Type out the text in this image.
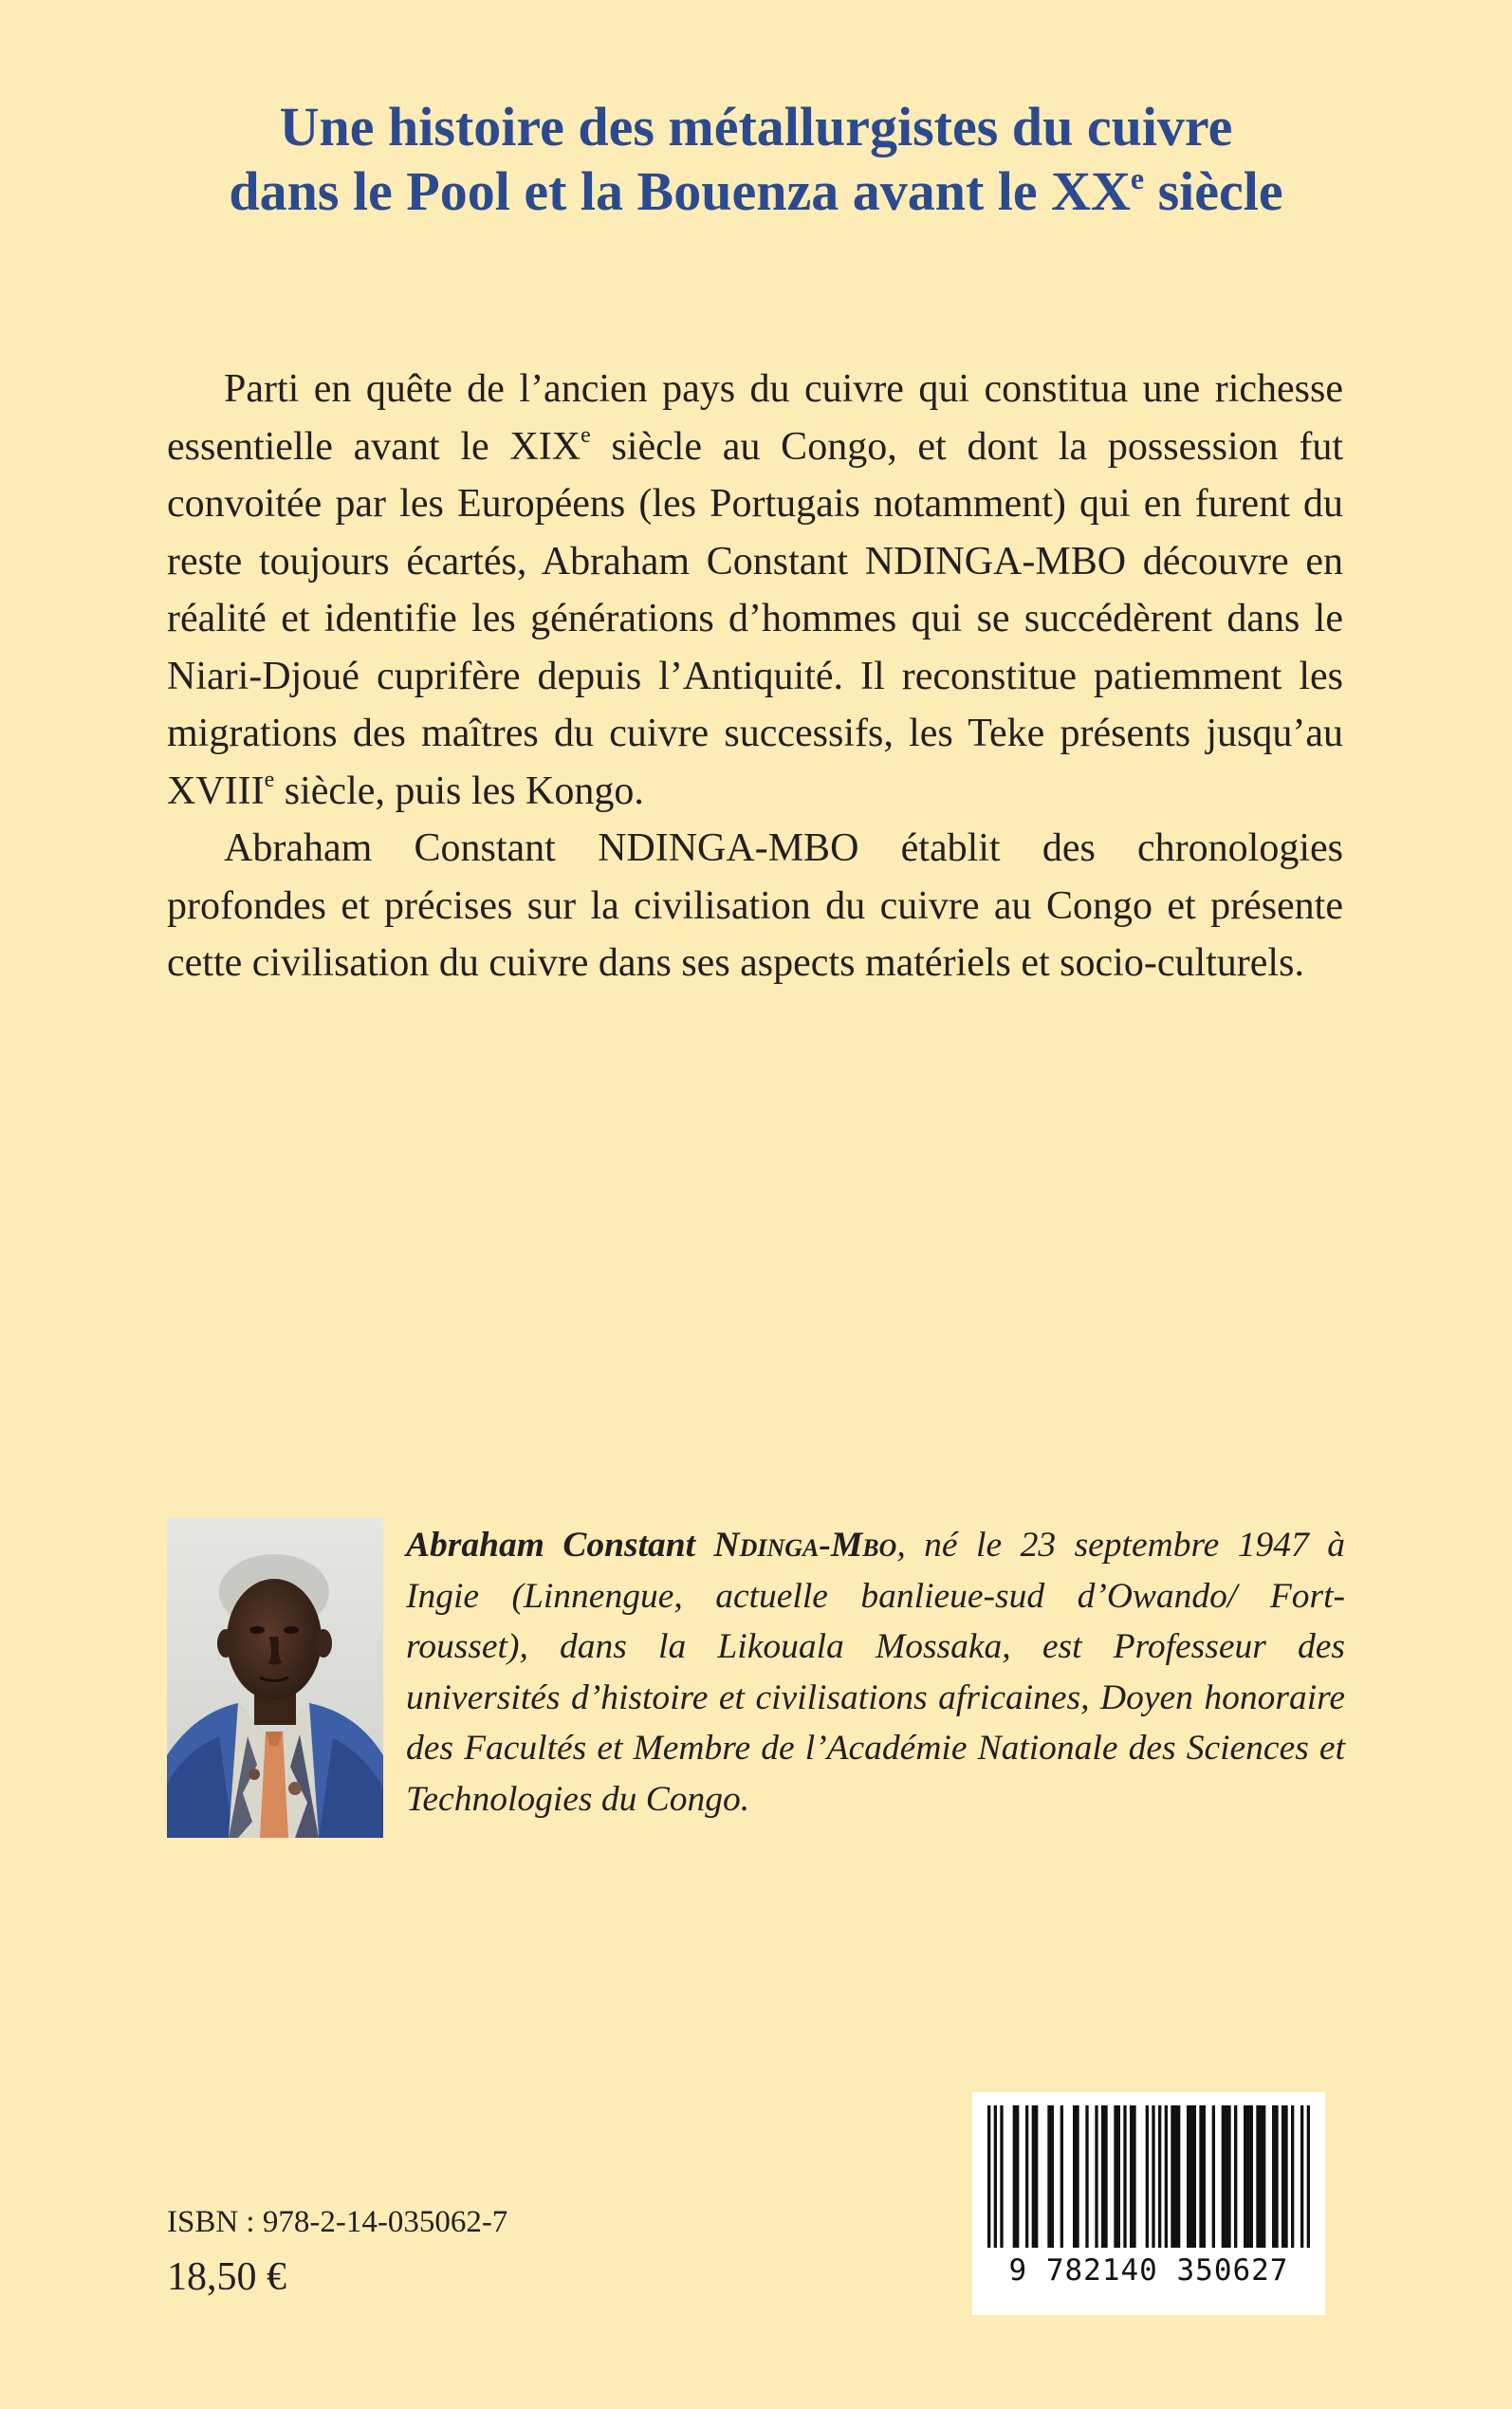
Une histoire des métallurgistes du cuivre
dans le Pool et la Bouenza avant le XXe siècle

Parti en quête de l’ancien pays du cuivre qui constitua une richesse essentielle avant le XIXe siècle au Congo, et dont la possession fut convoitée par les Européens (les Portugais notamment) qui en furent du reste toujours écartés, Abraham Constant NDINGA-MBO découvre en réalité et identifie les générations d’hommes qui se succédèrent dans le Niari-Djoué cuprifère depuis l’Antiquité. Il reconstitue patiemment les migrations des maîtres du cuivre successifs, les Teke présents jusqu’au XVIIIe siècle, puis les Kongo.

Abraham Constant NDINGA-MBO établit des chronologies profondes et précises sur la civilisation du cuivre au Congo et présente cette civilisation du cuivre dans ses aspects matériels et socio-culturels.

Abraham Constant Ndinga-Mbo, né le 23 septembre 1947 à Ingie (Linnengue, actuelle banlieue-sud d’Owando/ Fort-rousset), dans la Likouala Mossaka, est Professeur des universités d’histoire et civilisations africaines, Doyen honoraire des Facultés et Membre de l’Académie Nationale des Sciences et Technologies du Congo.
ISBN : 978-2-14-035062-7
18,50 €	9 782140 350627
